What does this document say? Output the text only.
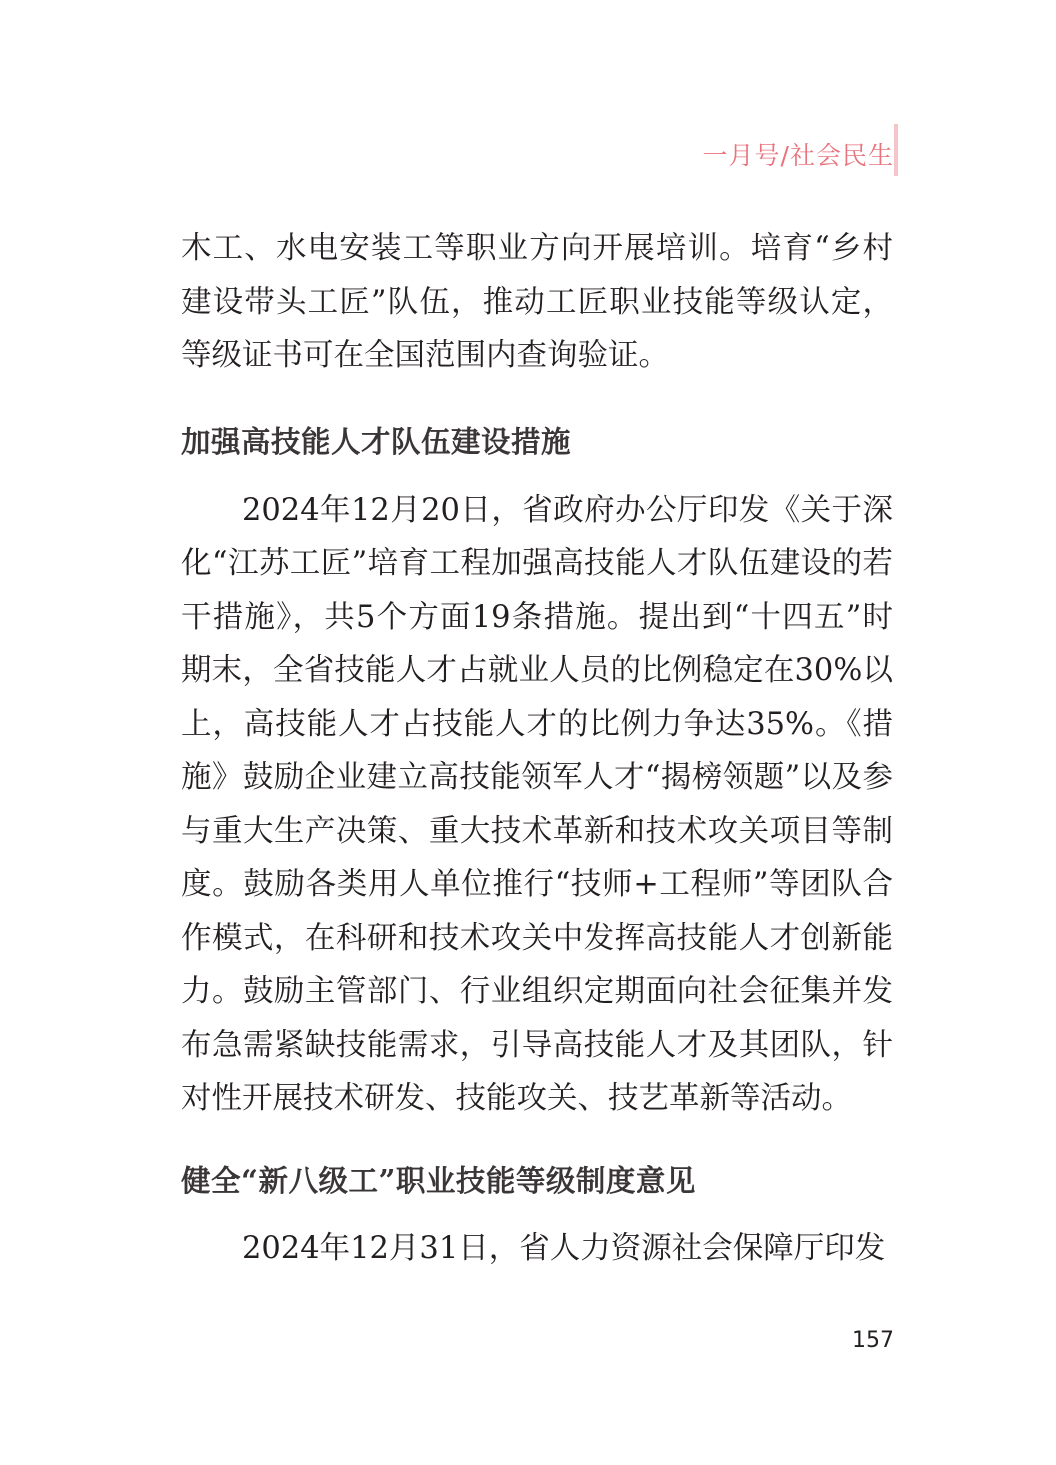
一月号/社会民生

木工、水电安装工等职业方向开展培训。培育“乡村建设带头工匠”队伍，推动工匠职业技能等级认定，等级证书可在全国范围内查询验证。

加强高技能人才队伍建设措施

2024年12月20日，省政府办公厅印发《关于深化“江苏工匠”培育工程加强高技能人才队伍建设的若干措施》，共5个方面19条措施。提出到“十四五”时期末，全省技能人才占就业人员的比例稳定在30%以上，高技能人才占技能人才的比例力争达35%。《措施》鼓励企业建立高技能领军人才“揭榜领题”以及参与重大生产决策、重大技术革新和技术攻关项目等制度。鼓励各类用人单位推行“技师+工程师”等团队合作模式，在科研和技术攻关中发挥高技能人才创新能力。鼓励主管部门、行业组织定期面向社会征集并发布急需紧缺技能需求，引导高技能人才及其团队，针对性开展技术研发、技能攻关、技艺革新等活动。

健全“新八级工”职业技能等级制度意见

2024年12月31日，省人力资源社会保障厅印发

157
